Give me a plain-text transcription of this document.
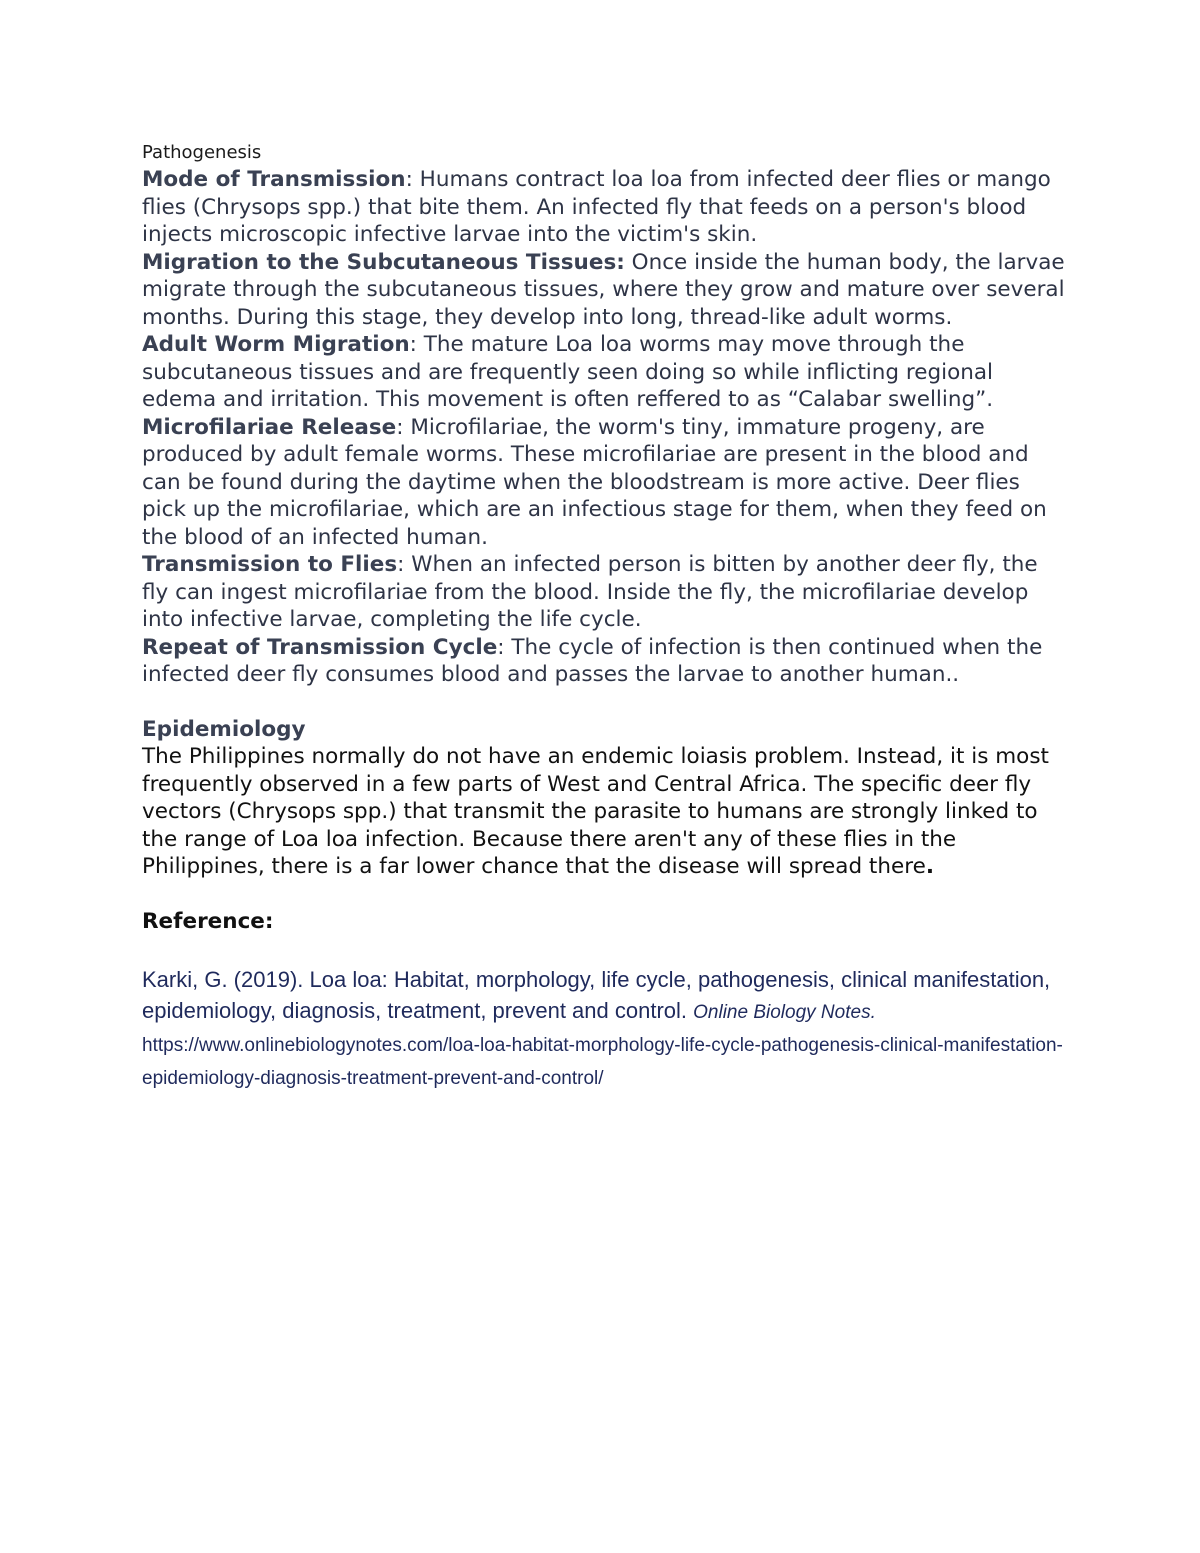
Pathogenesis

Mode of Transmission: Humans contract loa loa from infected deer flies or mango flies (Chrysops spp.) that bite them. An infected fly that feeds on a person's blood injects microscopic infective larvae into the victim's skin.

Migration to the Subcutaneous Tissues: Once inside the human body, the larvae migrate through the subcutaneous tissues, where they grow and mature over several months. During this stage, they develop into long, thread-like adult worms.

Adult Worm Migration: The mature Loa loa worms may move through the subcutaneous tissues and are frequently seen doing so while inflicting regional edema and irritation. This movement is often reffered to as “Calabar swelling”.

Microfilariae Release: Microfilariae, the worm's tiny, immature progeny, are produced by adult female worms. These microfilariae are present in the blood and can be found during the daytime when the bloodstream is more active. Deer flies pick up the microfilariae, which are an infectious stage for them, when they feed on the blood of an infected human.

Transmission to Flies: When an infected person is bitten by another deer fly, the fly can ingest microfilariae from the blood. Inside the fly, the microfilariae develop into infective larvae, completing the life cycle.

Repeat of Transmission Cycle: The cycle of infection is then continued when the infected deer fly consumes blood and passes the larvae to another human..

Epidemiology

The Philippines normally do not have an endemic loiasis problem. Instead, it is most frequently observed in a few parts of West and Central Africa. The specific deer fly vectors (Chrysops spp.) that transmit the parasite to humans are strongly linked to the range of Loa loa infection. Because there aren't any of these flies in the Philippines, there is a far lower chance that the disease will spread there.

Reference:

Karki, G. (2019). Loa loa: Habitat, morphology, life cycle, pathogenesis, clinical manifestation, epidemiology, diagnosis, treatment, prevent and control. Online Biology Notes. https://www.onlinebiologynotes.com/loa-loa-habitat-morphology-life-cycle-pathogenesis-clinical-manifestation-epidemiology-diagnosis-treatment-prevent-and-control/
